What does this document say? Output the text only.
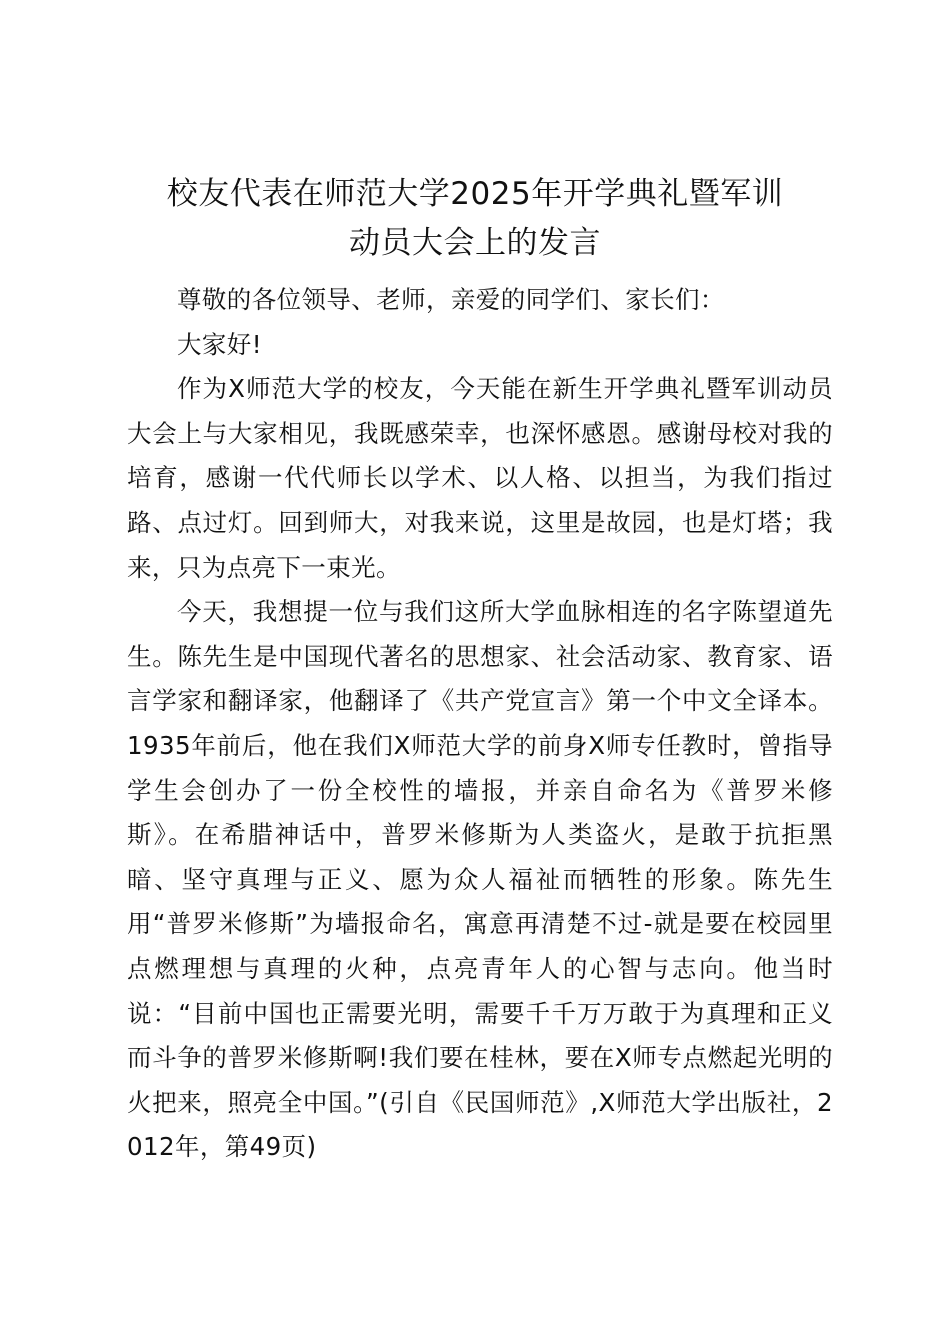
校友代表在师范大学2025年开学典礼暨军训
动员大会上的发言

尊敬的各位领导、老师，亲爱的同学们、家长们：

大家好!

作为X师范大学的校友，今天能在新生开学典礼暨军训动员大会上与大家相见，我既感荣幸，也深怀感恩。感谢母校对我的培育，感谢一代代师长以学术、以人格、以担当，为我们指过路、点过灯。回到师大，对我来说，这里是故园，也是灯塔；我来，只为点亮下一束光。

今天，我想提一位与我们这所大学血脉相连的名字陈望道先生。陈先生是中国现代著名的思想家、社会活动家、教育家、语言学家和翻译家，他翻译了《共产党宣言》第一个中文全译本。1935年前后，他在我们X师范大学的前身X师专任教时，曾指导学生会创办了一份全校性的墙报，并亲自命名为《普罗米修斯》。在希腊神话中，普罗米修斯为人类盗火，是敢于抗拒黑暗、坚守真理与正义、愿为众人福祉而牺牲的形象。陈先生用“普罗米修斯”为墙报命名，寓意再清楚不过-就是要在校园里点燃理想与真理的火种，点亮青年人的心智与志向。他当时说：“目前中国也正需要光明，需要千千万万敢于为真理和正义而斗争的普罗米修斯啊!我们要在桂林，要在X师专点燃起光明的火把来，照亮全中国。”(引自《民国师范》,X师范大学出版社，2012年，第49页)
